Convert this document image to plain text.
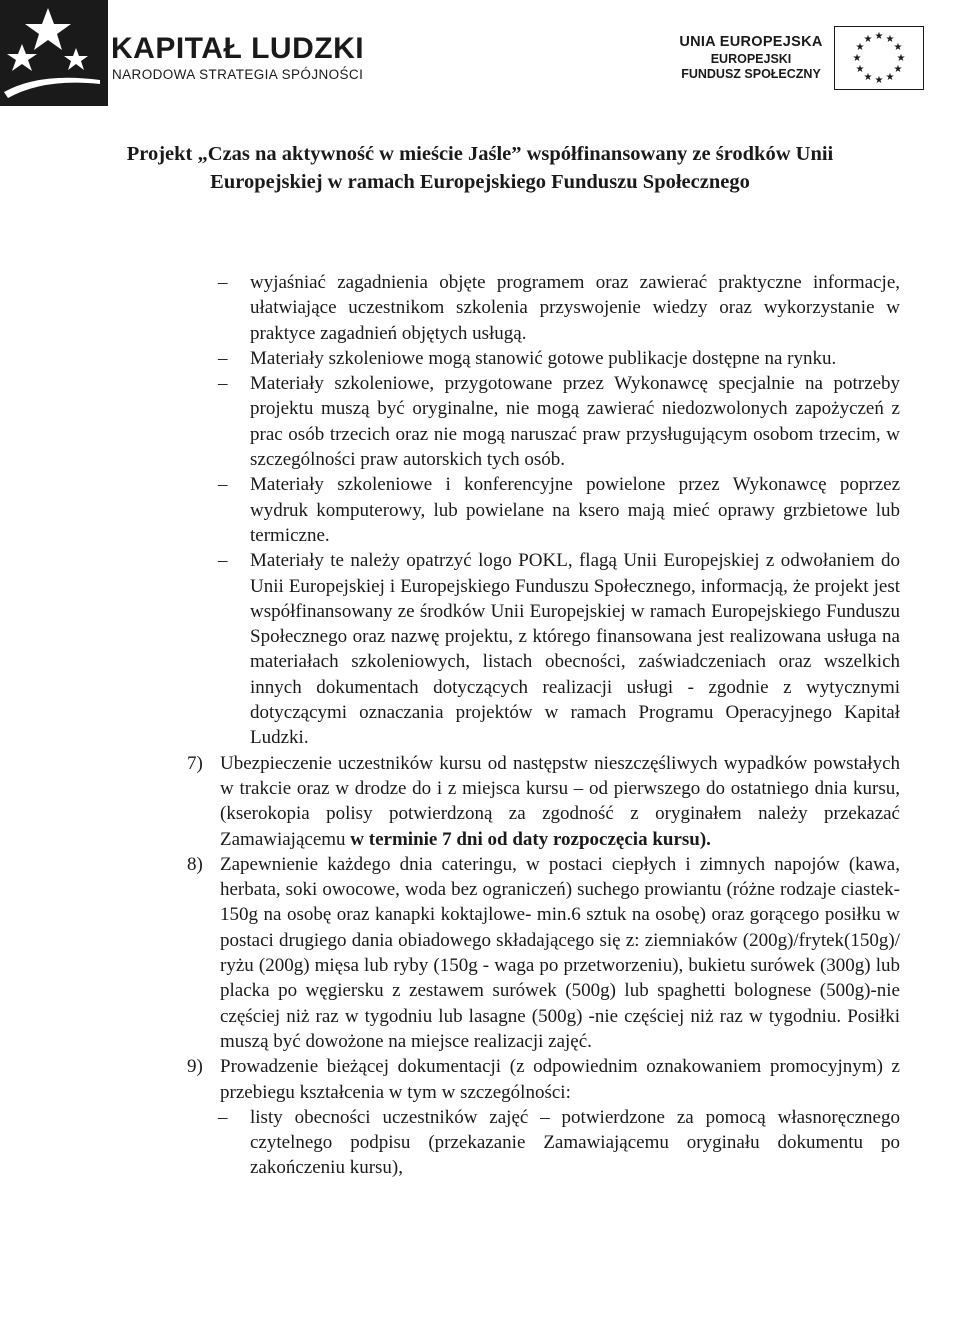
KAPITAŁ LUDZKI
NARODOWA STRATEGIA SPÓJNOŚCI
UNIA EUROPEJSKA
EUROPEJSKI
FUNDUSZ SPOŁECZNY
★ ★
★
★
★
★
★
★
★
★
★
★
Projekt „Czas na aktywność w mieście Jaśle” współfinansowany ze środków Unii
Europejskiej w ramach Europejskiego Funduszu Społecznego
–	wyjaśniać zagadnienia objęte programem oraz zawierać praktyczne informacje, ułatwiające uczestnikom szkolenia przyswojenie wiedzy oraz wykorzystanie w praktyce zagadnień objętych usługą.
–	Materiały szkoleniowe mogą stanowić gotowe publikacje dostępne na rynku.
–	Materiały szkoleniowe, przygotowane przez Wykonawcę specjalnie na potrzeby projektu muszą być oryginalne, nie mogą zawierać niedozwolonych zapożyczeń z prac osób trzecich oraz nie mogą naruszać praw przysługującym osobom trzecim, w szczególności praw autorskich tych osób.
–	Materiały szkoleniowe i konferencyjne powielone przez Wykonawcę poprzez wydruk komputerowy, lub powielane na ksero mają mieć oprawy grzbietowe lub termiczne.
–	Materiały te należy opatrzyć logo POKL, flagą Unii Europejskiej z odwołaniem do Unii Europejskiej i Europejskiego Funduszu Społecznego, informacją, że projekt jest współfinansowany ze środków Unii Europejskiej w ramach Europejskiego Funduszu Społecznego oraz nazwę projektu, z którego finansowana jest realizowana usługa na materiałach szkoleniowych, listach obecności, zaświadczeniach oraz wszelkich innych dokumentach dotyczących realizacji usługi - zgodnie z wytycznymi dotyczącymi oznaczania projektów w ramach Programu Operacyjnego Kapitał Ludzki.
7) Ubezpieczenie uczestników kursu od następstw nieszczęśliwych wypadków powstałych w trakcie oraz w drodze do i z miejsca kursu – od pierwszego do ostatniego dnia kursu, (kserokopia polisy potwierdzoną za zgodność z oryginałem należy przekazać Zamawiającemu w terminie 7 dni od daty rozpoczęcia kursu).
8) Zapewnienie każdego dnia cateringu, w postaci ciepłych i zimnych napojów (kawa, herbata, soki owocowe, woda bez ograniczeń) suchego prowiantu (różne rodzaje ciastek-150g na osobę oraz kanapki koktajlowe- min.6 sztuk na osobę) oraz gorącego posiłku w postaci drugiego dania obiadowego składającego się z: ziemniaków (200g)/frytek(150g)/ ryżu (200g) mięsa lub ryby (150g - waga po przetworzeniu), bukietu surówek (300g) lub placka po węgiersku z zestawem surówek (500g) lub spaghetti bolognese (500g)-nie częściej niż raz w tygodniu lub lasagne (500g) -nie częściej niż raz w tygodniu. Posiłki muszą być dowożone na miejsce realizacji zajęć.
9) Prowadzenie bieżącej dokumentacji (z odpowiednim oznakowaniem promocyjnym) z przebiegu kształcenia w tym w szczególności:
– listy obecności uczestników zajęć – potwierdzone za pomocą własnoręcznego czytelnego podpisu (przekazanie Zamawiającemu oryginału dokumentu po zakończeniu kursu),
